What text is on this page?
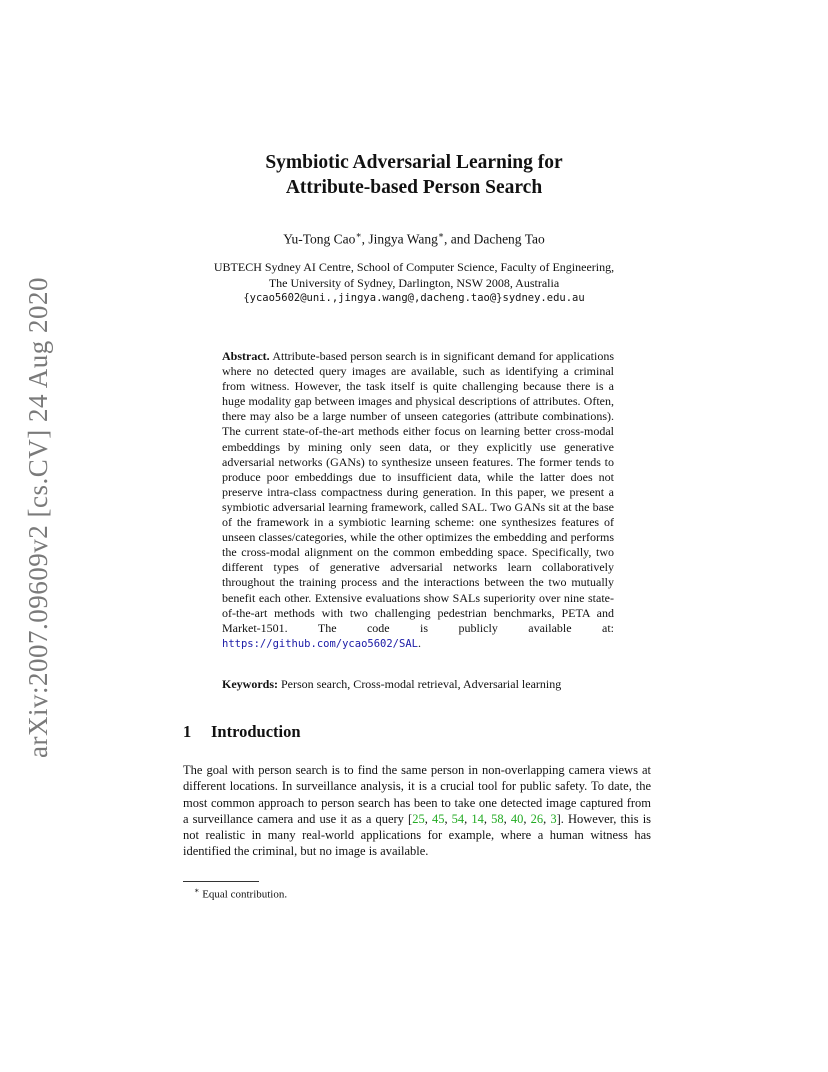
arXiv:2007.09609v2 [cs.CV] 24 Aug 2020
Symbiotic Adversarial Learning for
Attribute-based Person Search
Yu-Tong Cao∗, Jingya Wang∗, and Dacheng Tao
UBTECH Sydney AI Centre, School of Computer Science, Faculty of Engineering,
The University of Sydney, Darlington, NSW 2008, Australia
{ycao5602@uni.,jingya.wang@,dacheng.tao@}sydney.edu.au
Abstract. Attribute-based person search is in significant demand for applications where no detected query images are available, such as identifying a criminal from witness. However, the task itself is quite challenging because there is a huge modality gap between images and physical descriptions of attributes. Often, there may also be a large number of unseen categories (attribute combinations). The current state-of-the-art methods either focus on learning better cross-modal embeddings by mining only seen data, or they explicitly use generative adversarial networks (GANs) to synthesize unseen features. The former tends to produce poor embeddings due to insufficient data, while the latter does not preserve intra-class compactness during generation. In this paper, we present a symbiotic adversarial learning framework, called SAL. Two GANs sit at the base of the framework in a symbiotic learning scheme: one synthesizes features of unseen classes/categories, while the other optimizes the embedding and performs the cross-modal alignment on the common embedding space. Specifically, two different types of generative adversarial networks learn collaboratively throughout the training process and the interactions between the two mutually benefit each other. Extensive evaluations show SALs superiority over nine state-of-the-art methods with two challenging pedestrian benchmarks, PETA and Market-1501. The code is publicly available at: https://github.com/ycao5602/SAL.
Keywords: Person search, Cross-modal retrieval, Adversarial learning
1 Introduction
The goal with person search is to find the same person in non-overlapping camera views at different locations. In surveillance analysis, it is a crucial tool for public safety. To date, the most common approach to person search has been to take one detected image captured from a surveillance camera and use it as a query [25, 45, 54, 14, 58, 40, 26, 3]. However, this is not realistic in many real-world applications for example, where a human witness has identified the criminal, but no image is available.
∗ Equal contribution.
